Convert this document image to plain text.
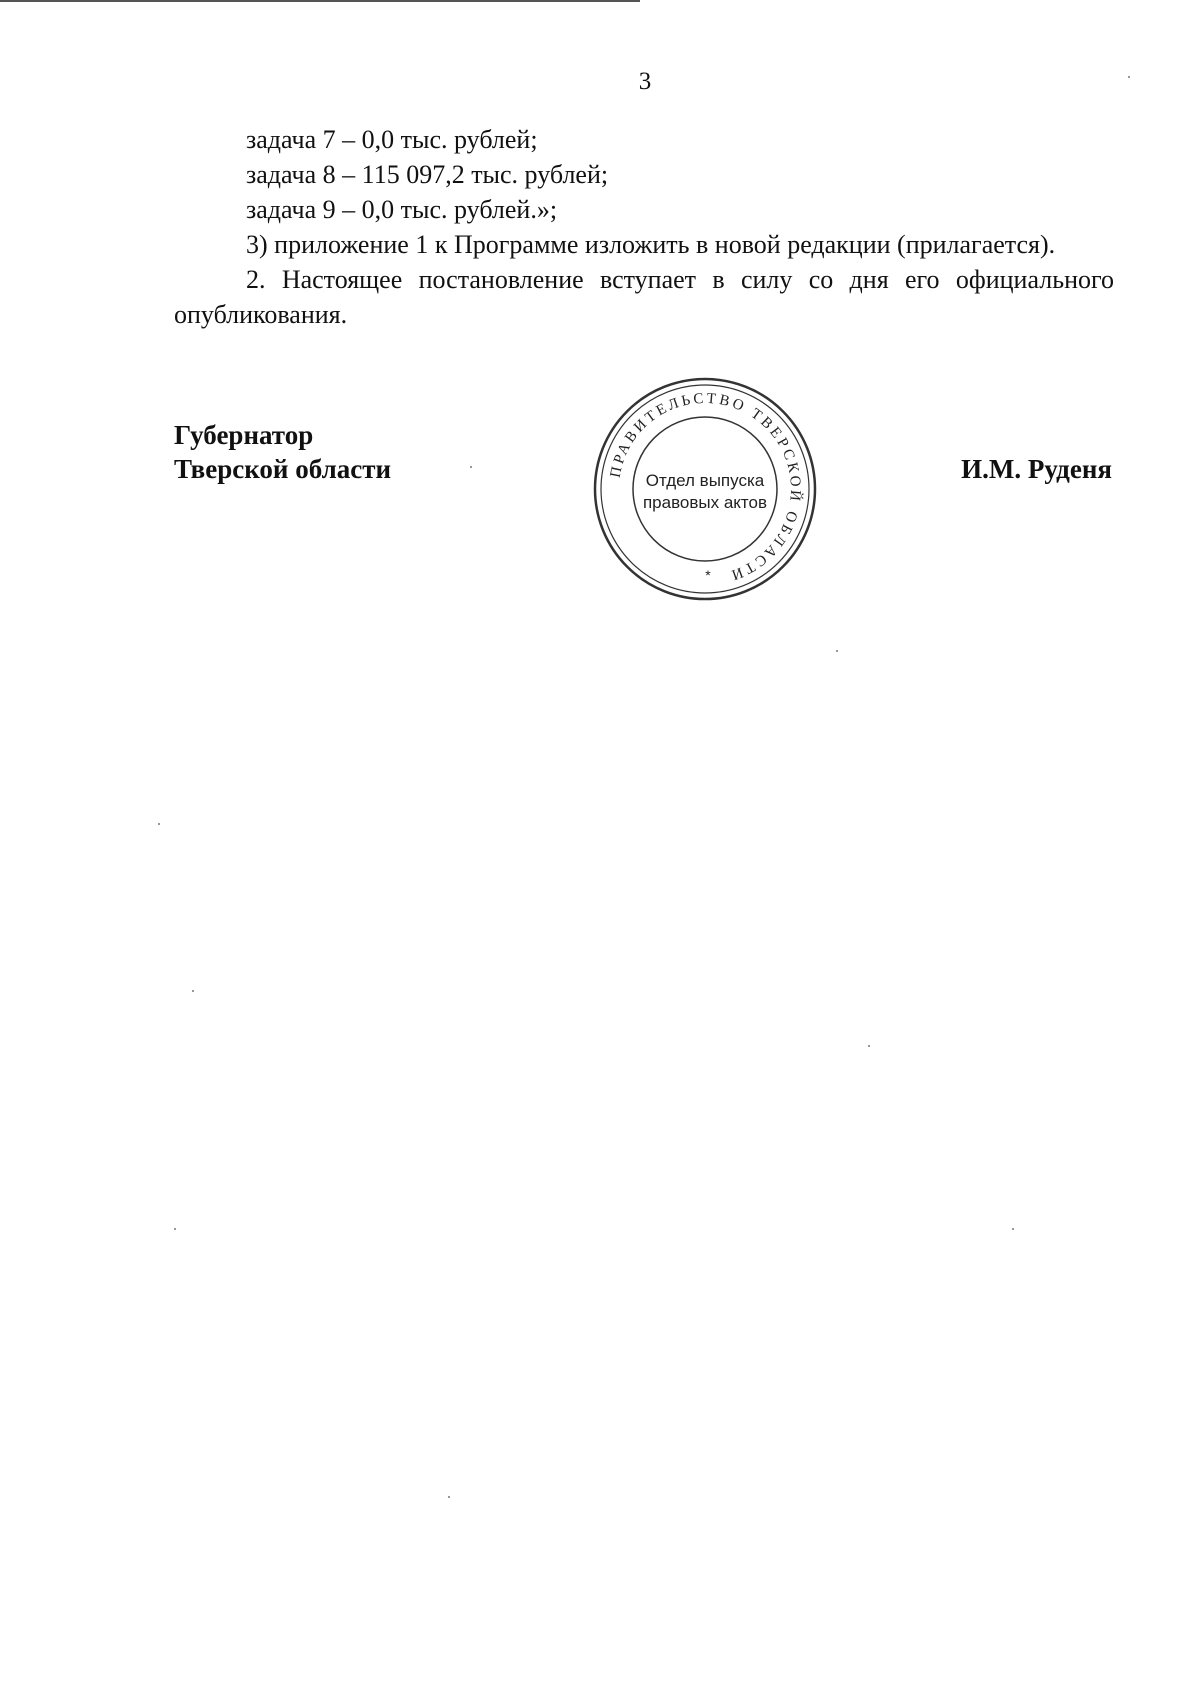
3

задача 7 – 0,0 тыс. рублей;

задача 8 – 115 097,2 тыс. рублей;

задача 9 – 0,0 тыс. рублей.»;

3) приложение 1 к Программе изложить в новой редакции (прилагается).

2. Настоящее постановление вступает в силу со дня его официального опубликования.

Губернатор
Тверской области	ПРАВИТЕЛЬСТВО ТВЕРСКОЙ ОБЛАСТИ
Отдел выпуска
правовых актов
*
И.М. Руденя
